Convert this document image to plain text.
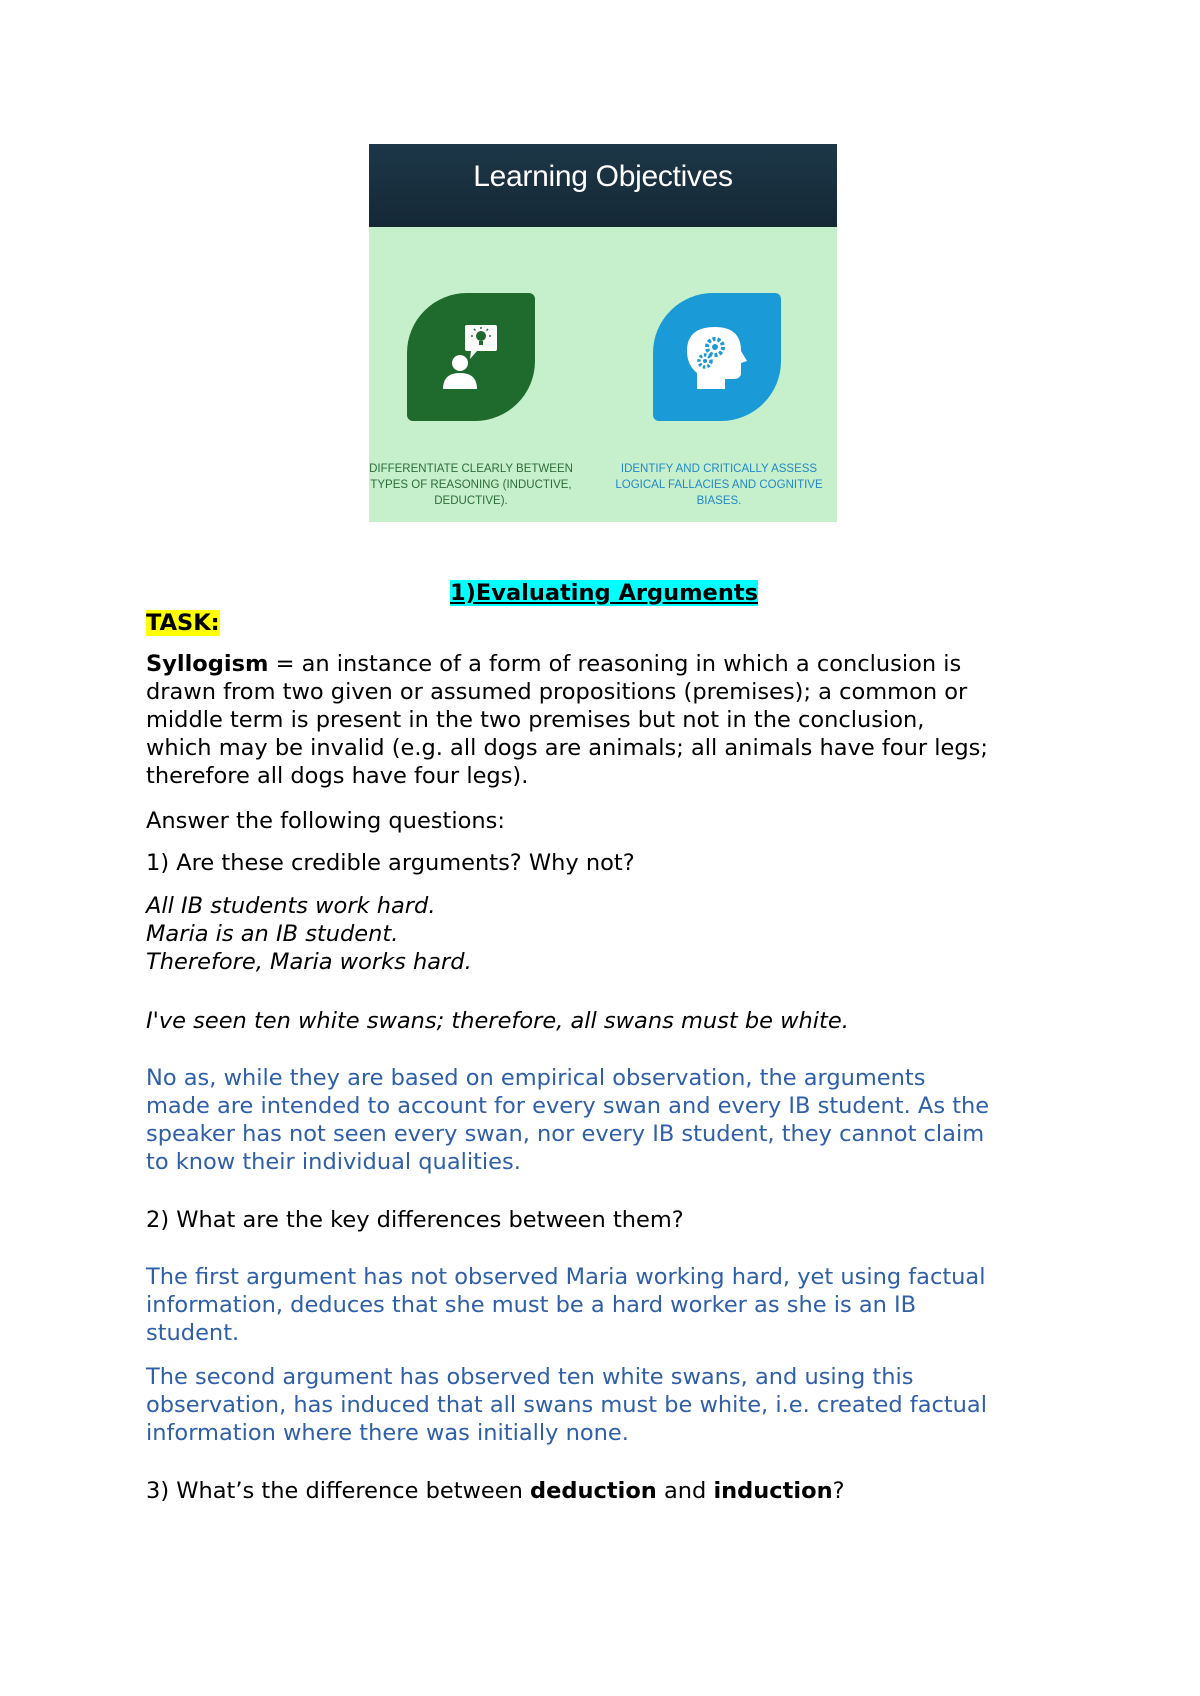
Learning Objectives
DIFFERENTIATE CLEARLY BETWEEN TYPES OF REASONING (INDUCTIVE, DEDUCTIVE).
IDENTIFY AND CRITICALLY ASSESS LOGICAL FALLACIES AND COGNITIVE BIASES.
1)Evaluating Arguments
TASK:
Syllogism = an instance of a form of reasoning in which a conclusion is
drawn from two given or assumed propositions (premises); a common or
middle term is present in the two premises but not in the conclusion,
which may be invalid (e.g. all dogs are animals; all animals have four legs;
therefore all dogs have four legs).
Answer the following questions:
1) Are these credible arguments? Why not?
All IB students work hard.
Maria is an IB student.
Therefore, Maria works hard.
I've seen ten white swans; therefore, all swans must be white.
No as, while they are based on empirical observation, the arguments
made are intended to account for every swan and every IB student. As the
speaker has not seen every swan, nor every IB student, they cannot claim
to know their individual qualities.
2) What are the key differences between them?
The first argument has not observed Maria working hard, yet using factual
information, deduces that she must be a hard worker as she is an IB
student.
The second argument has observed ten white swans, and using this
observation, has induced that all swans must be white, i.e. created factual
information where there was initially none.
3) What’s the difference between deduction and induction?
